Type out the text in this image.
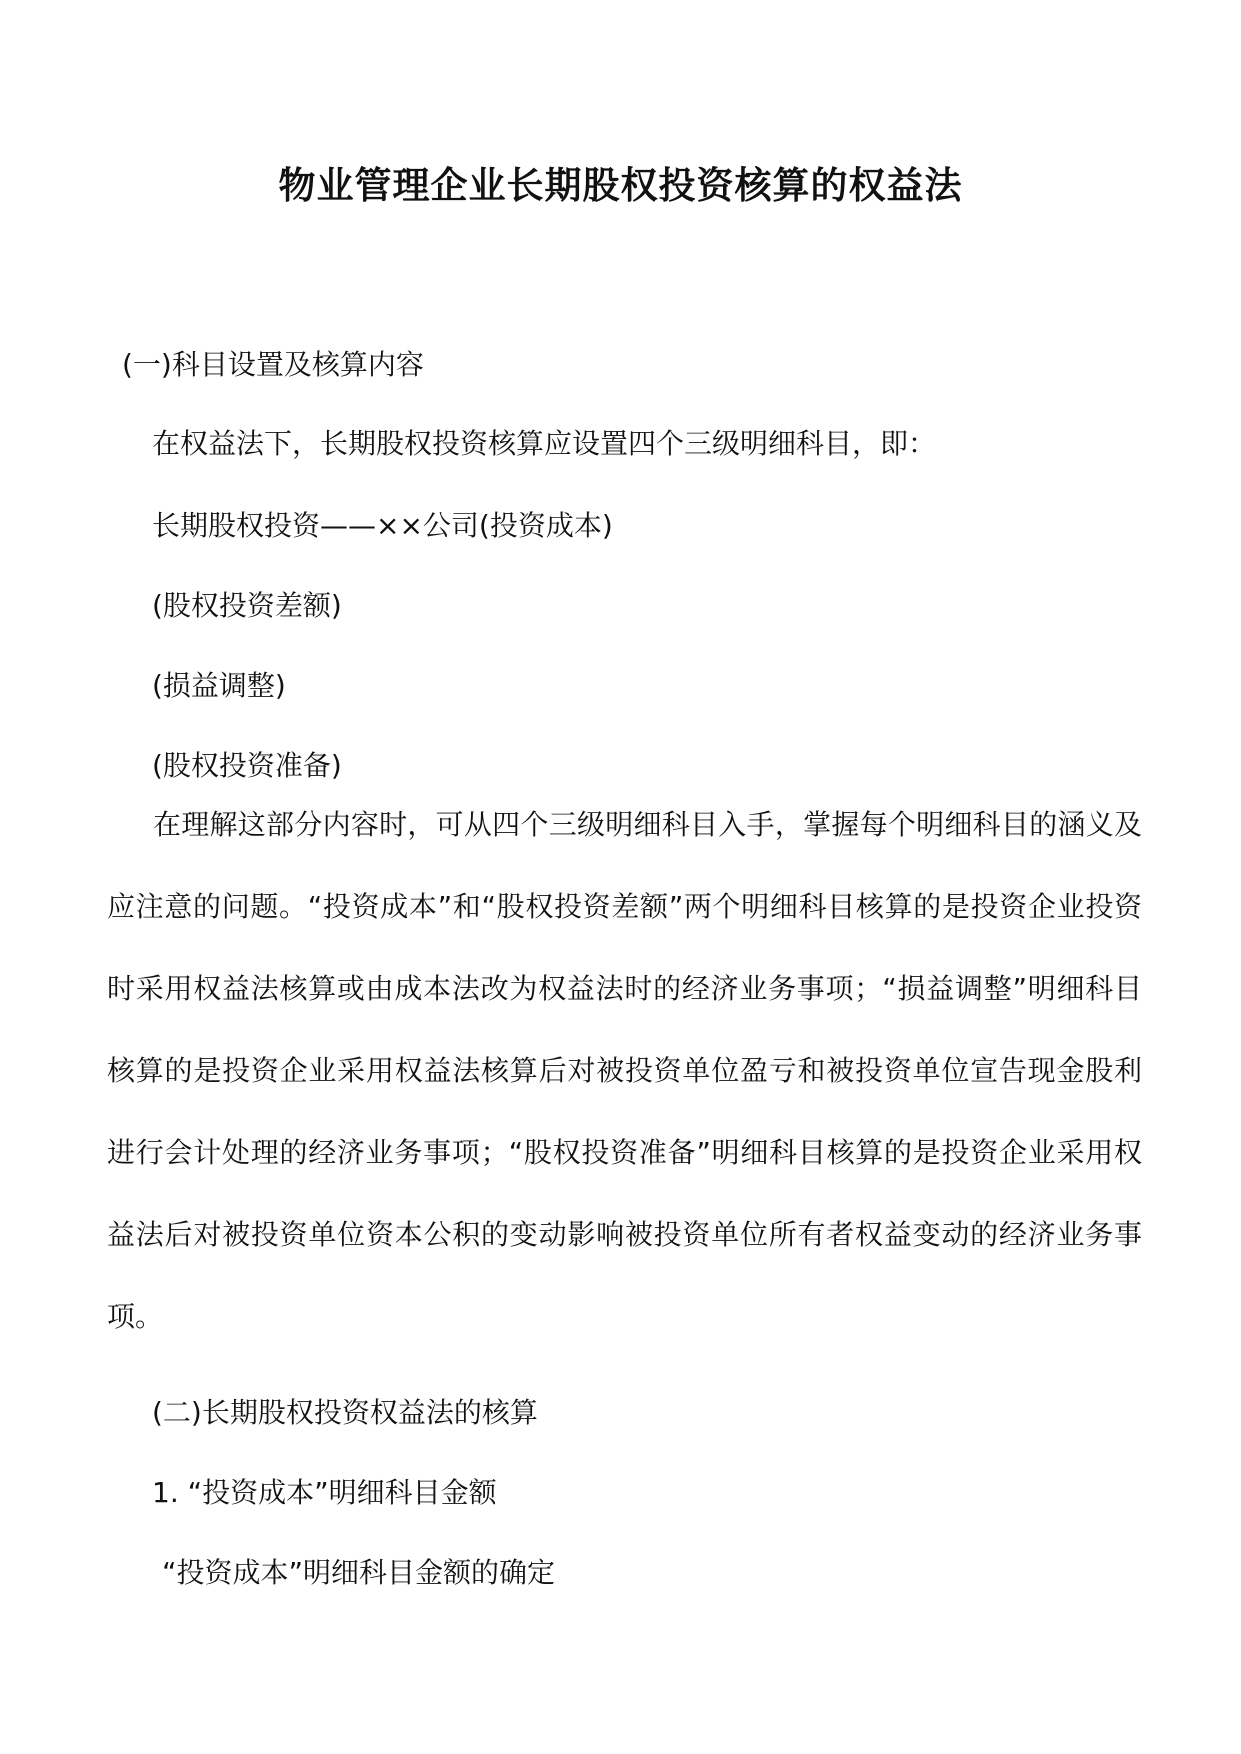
物业管理企业长期股权投资核算的权益法
(一)科目设置及核算内容
在权益法下，长期股权投资核算应设置四个三级明细科目，即：
长期股权投资——××公司(投资成本)
(股权投资差额)
(损益调整)
(股权投资准备)
在理解这部分内容时，可从四个三级明细科目入手，掌握每个明细科目的涵义及应注意的问题。“投资成本”和“股权投资差额”两个明细科目核算的是投资企业投资时采用权益法核算或由成本法改为权益法时的经济业务事项；“损益调整”明细科目核算的是投资企业采用权益法核算后对被投资单位盈亏和被投资单位宣告现金股利进行会计处理的经济业务事项；“股权投资准备”明细科目核算的是投资企业采用权益法后对被投资单位资本公积的变动影响被投资单位所有者权益变动的经济业务事项。
(二)长期股权投资权益法的核算
1. “投资成本”明细科目金额
“投资成本”明细科目金额的确定
